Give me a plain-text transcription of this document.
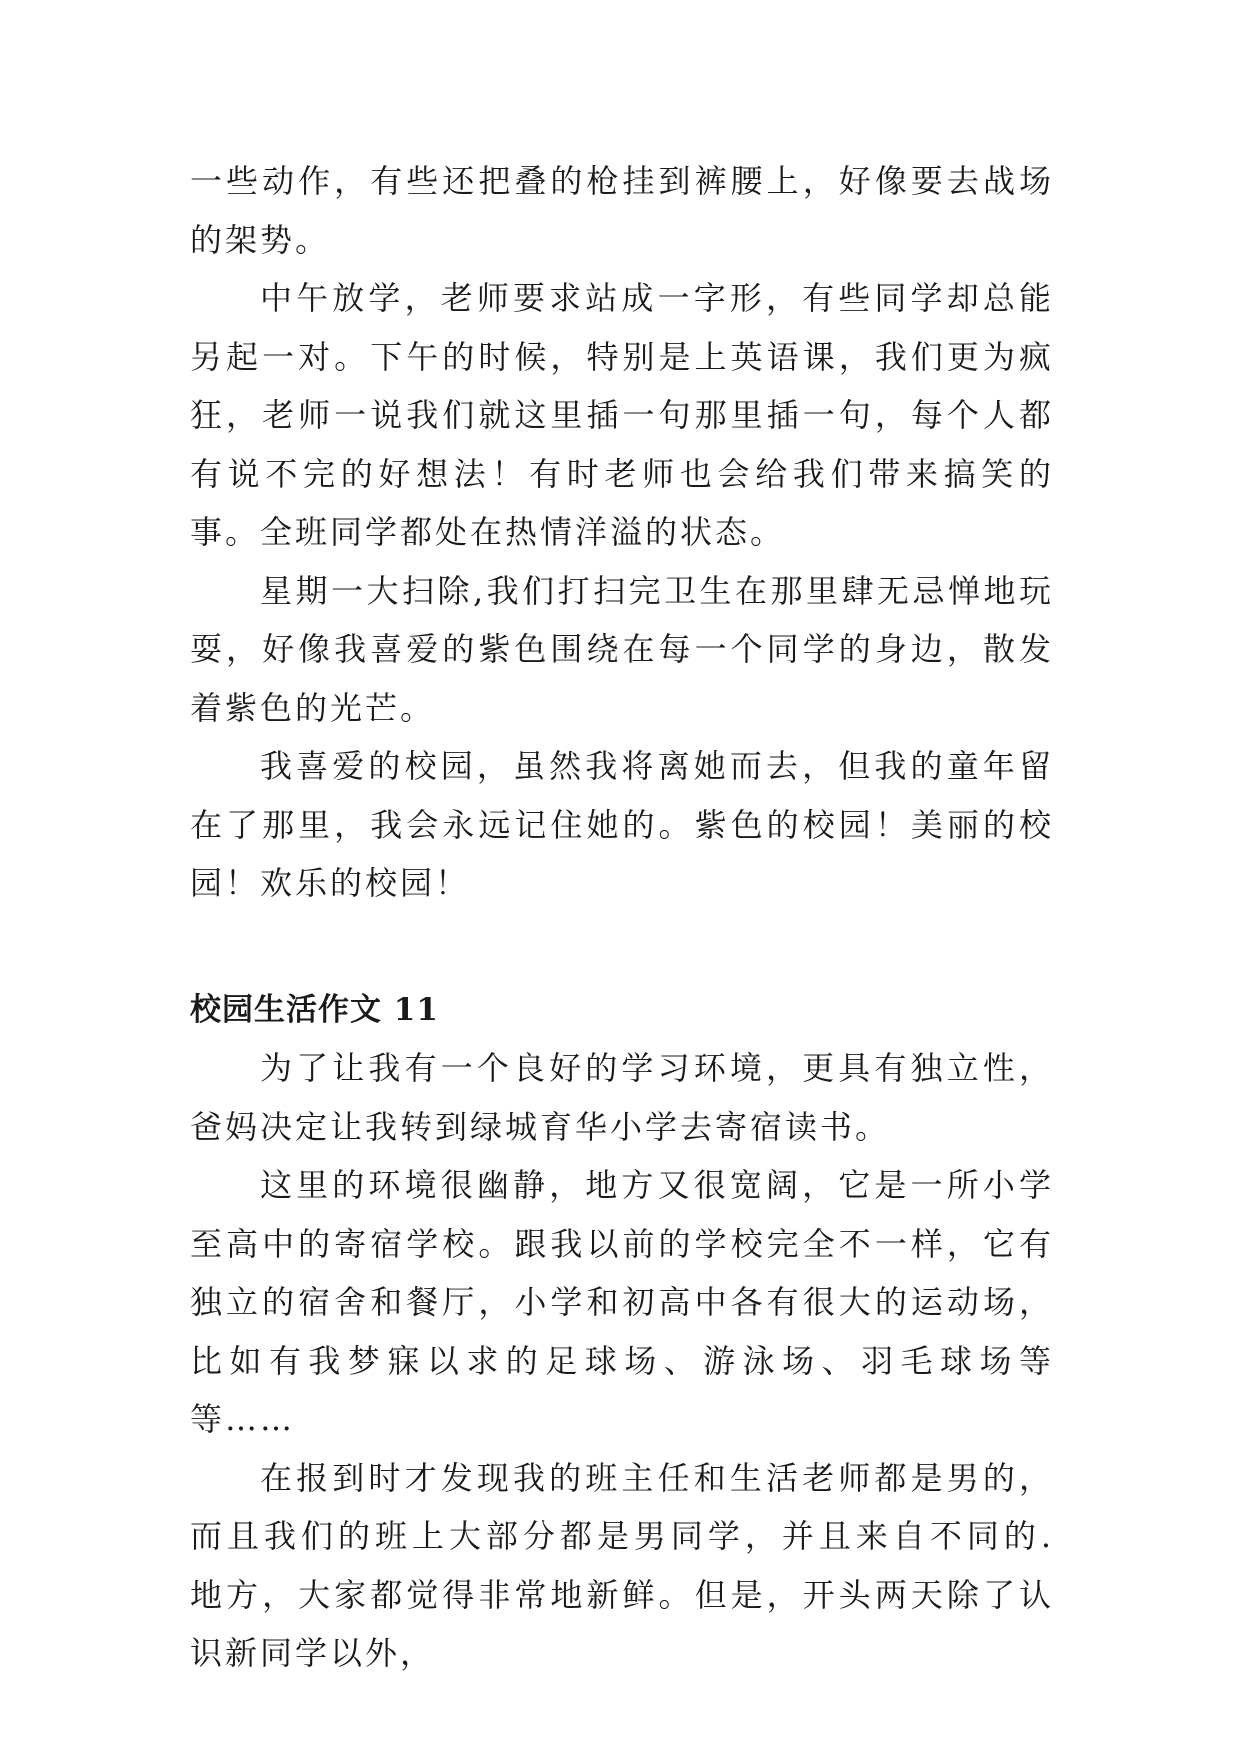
一些动作，有些还把叠的枪挂到裤腰上，好像要去战场的架势。

中午放学，老师要求站成一字形，有些同学却总能另起一对。下午的时候，特别是上英语课，我们更为疯狂，老师一说我们就这里插一句那里插一句，每个人都有说不完的好想法！有时老师也会给我们带来搞笑的事。全班同学都处在热情洋溢的状态。

星期一大扫除,我们打扫完卫生在那里肆无忌惮地玩耍，好像我喜爱的紫色围绕在每一个同学的身边，散发着紫色的光芒。

我喜爱的校园，虽然我将离她而去，但我的童年留在了那里，我会永远记住她的。紫色的校园！美丽的校园！欢乐的校园！

校园生活作文 11

为了让我有一个良好的学习环境，更具有独立性，爸妈决定让我转到绿城育华小学去寄宿读书。

这里的环境很幽静，地方又很宽阔，它是一所小学至高中的寄宿学校。跟我以前的学校完全不一样，它有独立的宿舍和餐厅，小学和初高中各有很大的运动场，比如有我梦寐以求的足球场、游泳场、羽毛球场等等……

在报到时才发现我的班主任和生活老师都是男的，而且我们的班上大部分都是男同学，并且来自不同的. 地方，大家都觉得非常地新鲜。但是，开头两天除了认识新同学以外，
